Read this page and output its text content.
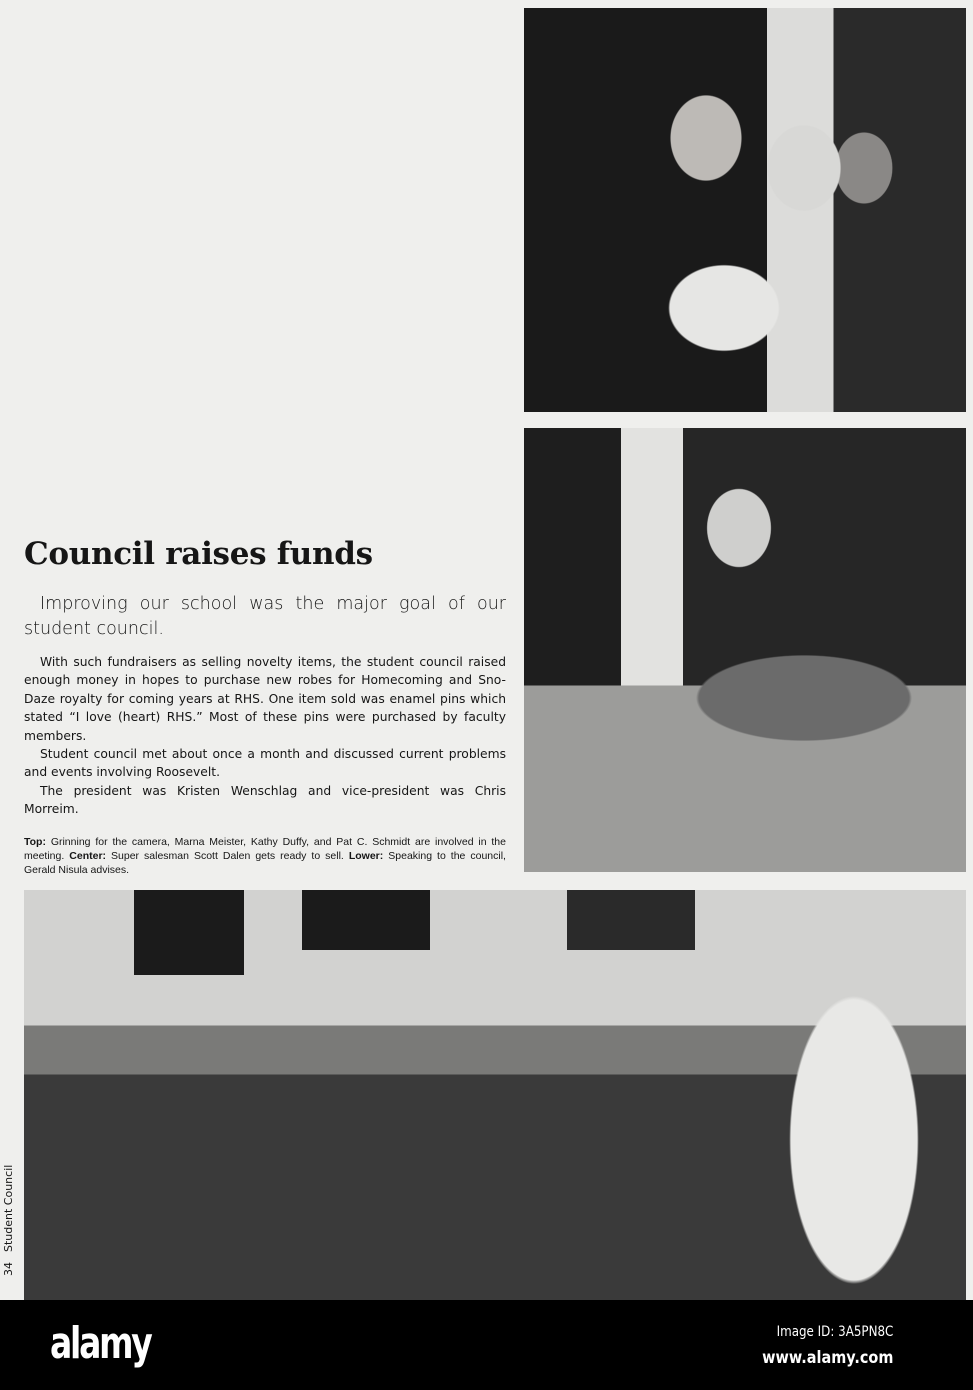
Council raises funds

Improving our school was the major goal of our student council.

With such fundraisers as selling novelty items, the student council raised enough money in hopes to purchase new robes for Homecoming and Sno-Daze royalty for coming years at RHS. One item sold was enamel pins which stated “I love (heart) RHS.” Most of these pins were purchased by faculty members.

Student council met about once a month and discussed current problems and events involving Roosevelt.

The president was Kristen Wenschlag and vice-president was Chris Morreim.

Top: Grinning for the camera, Marna Meister, Kathy Duffy, and Pat C. Schmidt are involved in the meeting. Center: Super salesman Scott Dalen gets ready to sell. Lower: Speaking to the council, Gerald Nisula advises.

34Student Council
alamy	Image ID: 3A5PN8C
www.alamy.com
